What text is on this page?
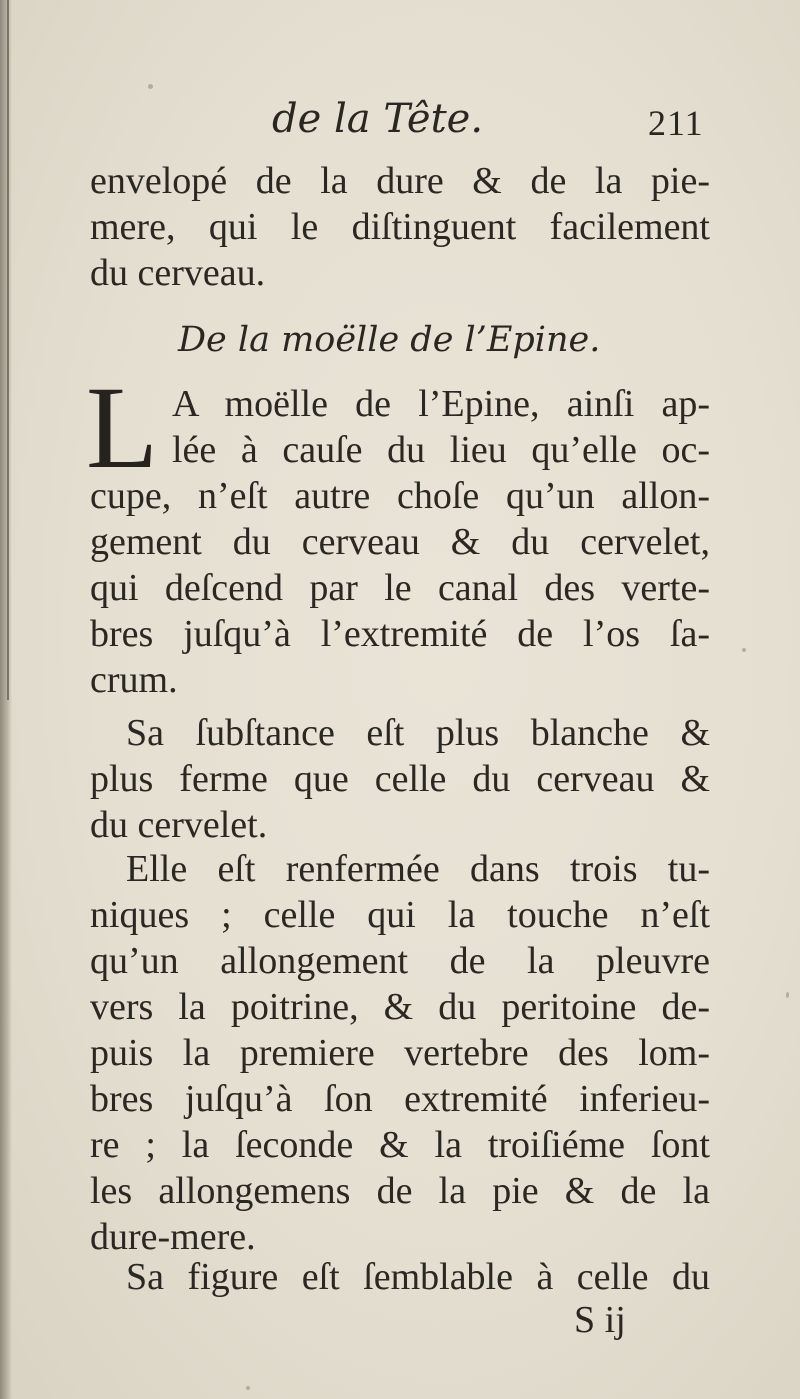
de la Tête.	211
envelopé de la dure & de la pie-
mere, qui le diſtinguent facilement
du cerveau.
De la moëlle de l’Epine.
L A moëlle de l’Epine, ainſi ap-
lée à cauſe du lieu qu’elle oc-
cupe, n’eſt autre choſe qu’un allon-
gement du cerveau & du cervelet,
qui deſcend par le canal des verte-
bres juſqu’à l’extremité de l’os ſa-
crum.
Sa ſubſtance eſt plus blanche &
plus ferme que celle du cerveau &
du cervelet.
Elle eſt renfermée dans trois tu-
niques ; celle qui la touche n’eſt
qu’un allongement de la pleuvre
vers la poitrine, & du peritoine de-
puis la premiere vertebre des lom-
bres juſqu’à ſon extremité inferieu-
re ; la ſeconde & la troiſiéme ſont
les allongemens de la pie & de la
dure-mere.
Sa figure eſt ſemblable à celle du
S ij
